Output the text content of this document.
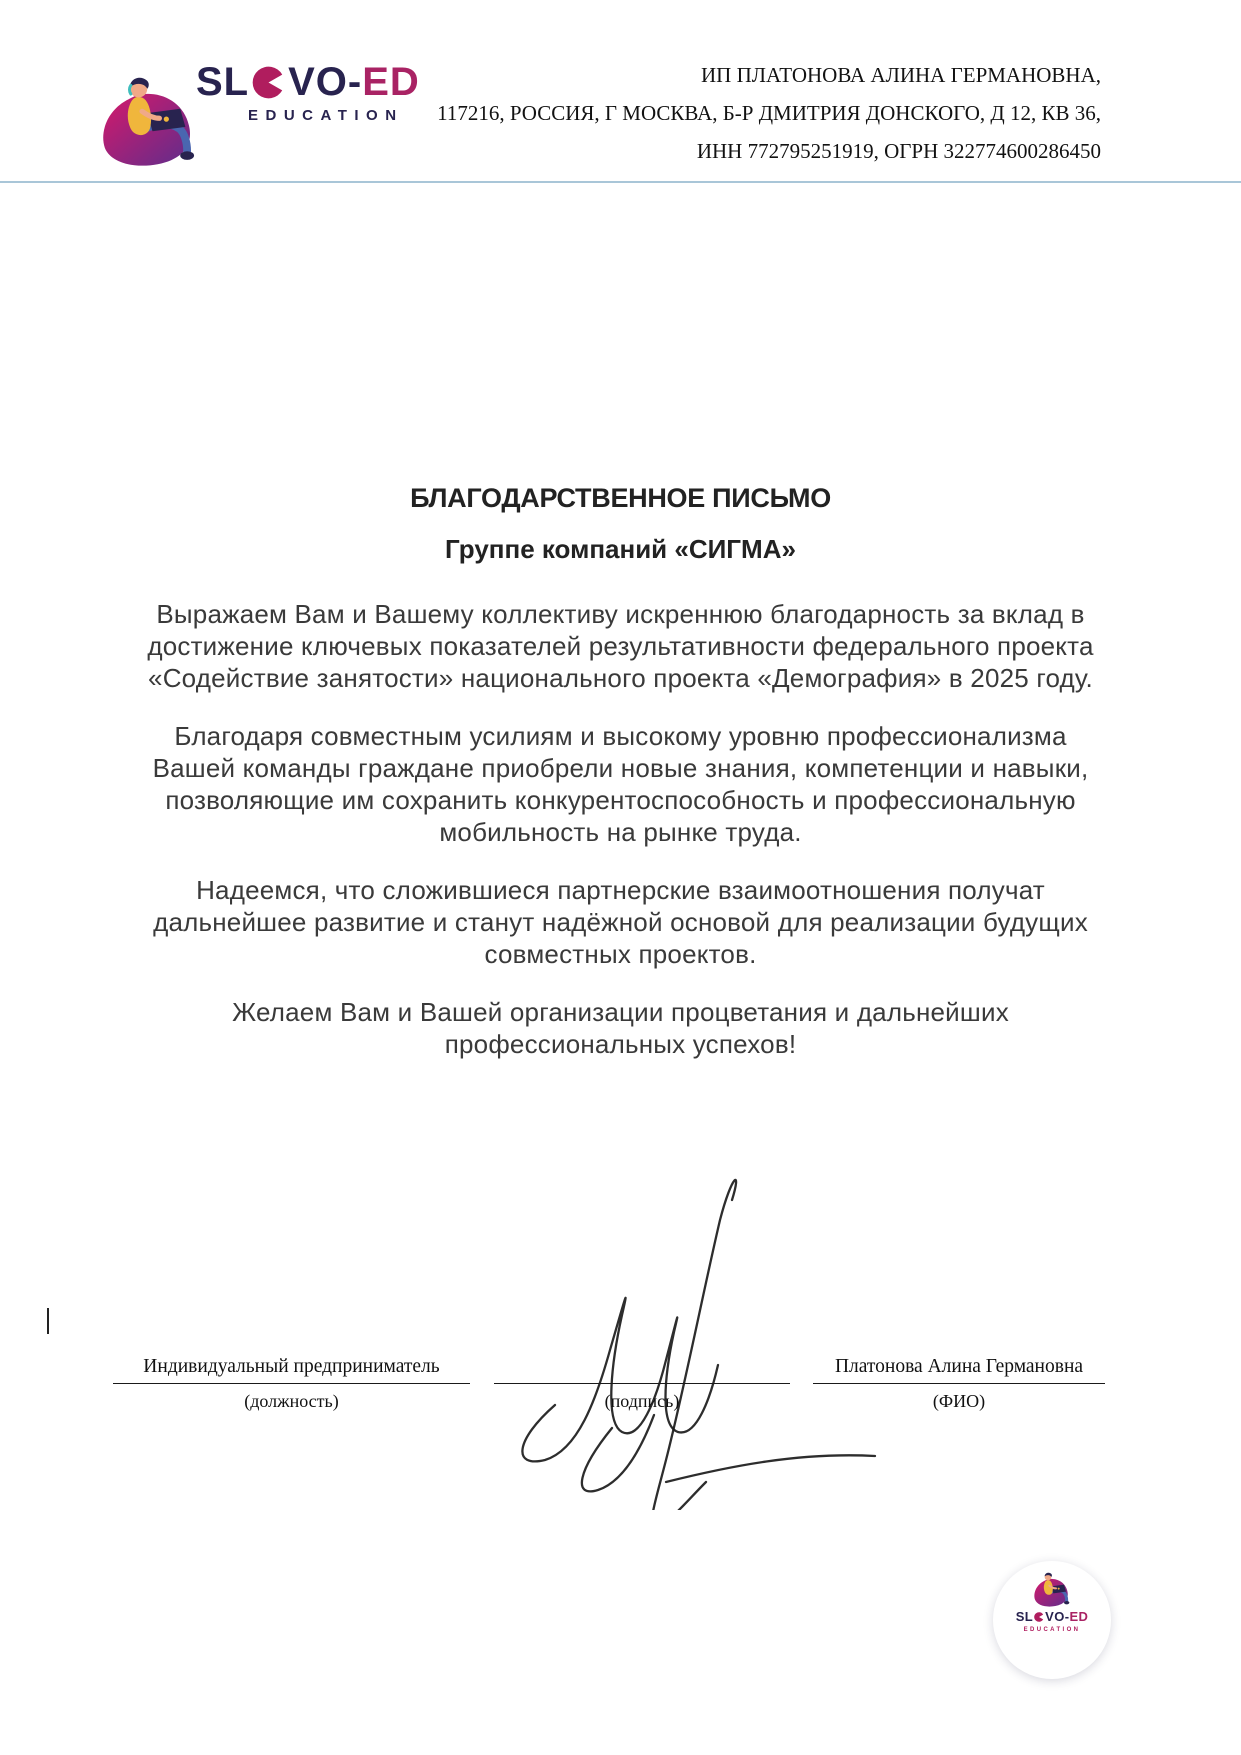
SL VO- ED
EDUCATION
ИП ПЛАТОНОВА АЛИНА ГЕРМАНОВНА,
117216, РОССИЯ, Г МОСКВА, Б-Р ДМИТРИЯ ДОНСКОГО, Д 12, КВ 36,
ИНН 772795251919, ОГРН 322774600286450
БЛАГОДАРСТВЕННОЕ ПИСЬМО
Группе компаний «СИГМА»
Выражаем Вам и Вашему коллективу искреннюю благодарность за вклад в
достижение ключевых показателей результативности федерального проекта
«Содействие занятости» национального проекта «Демография» в 2025 году.
Благодаря совместным усилиям и высокому уровню профессионализма
Вашей команды граждане приобрели новые знания, компетенции и навыки,
позволяющие им сохранить конкурентоспособность и профессиональную
мобильность на рынке труда.
Надеемся, что сложившиеся партнерские взаимоотношения получат
дальнейшее развитие и станут надёжной основой для реализации будущих
совместных проектов.
Желаем Вам и Вашей организации процветания и дальнейших
профессиональных успехов!
Индивидуальный предприниматель
(должность)	(подпись)
Платонова Алина Германовна
(ФИО)
SL VO- ED
EDUCATION
